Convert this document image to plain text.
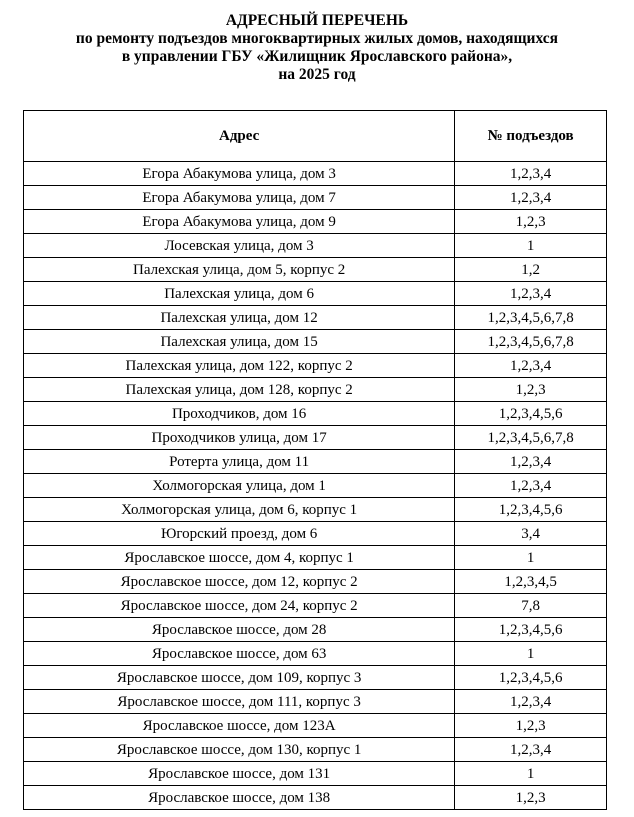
АДРЕСНЫЙ ПЕРЕЧЕНЬ
по ремонту подъездов многоквартирных жилых домов, находящихся
в управлении ГБУ «Жилищник Ярославского района»,
на 2025 год
Адрес	№ подъездов
Егора Абакумова улица, дом 3	1,2,3,4
Егора Абакумова улица, дом 7	1,2,3,4
Егора Абакумова улица, дом 9	1,2,3
Лосевская улица, дом 3	1
Палехская улица, дом 5, корпус 2	1,2
Палехская улица, дом 6	1,2,3,4
Палехская улица, дом 12	1,2,3,4,5,6,7,8
Палехская улица, дом 15	1,2,3,4,5,6,7,8
Палехская улица, дом 122, корпус 2	1,2,3,4
Палехская улица, дом 128, корпус 2	1,2,3
Проходчиков, дом 16	1,2,3,4,5,6
Проходчиков улица, дом 17	1,2,3,4,5,6,7,8
Ротерта улица, дом 11	1,2,3,4
Холмогорская улица, дом 1	1,2,3,4
Холмогорская улица, дом 6, корпус 1	1,2,3,4,5,6
Югорский проезд, дом 6	3,4
Ярославское шоссе, дом 4, корпус 1	1
Ярославское шоссе, дом 12, корпус 2	1,2,3,4,5
Ярославское шоссе, дом 24, корпус 2	7,8
Ярославское шоссе, дом 28	1,2,3,4,5,6
Ярославское шоссе, дом 63	1
Ярославское шоссе, дом 109, корпус 3	1,2,3,4,5,6
Ярославское шоссе, дом 111, корпус 3	1,2,3,4
Ярославское шоссе, дом 123А	1,2,3
Ярославское шоссе, дом 130, корпус 1	1,2,3,4
Ярославское шоссе, дом 131	1
Ярославское шоссе, дом 138	1,2,3
